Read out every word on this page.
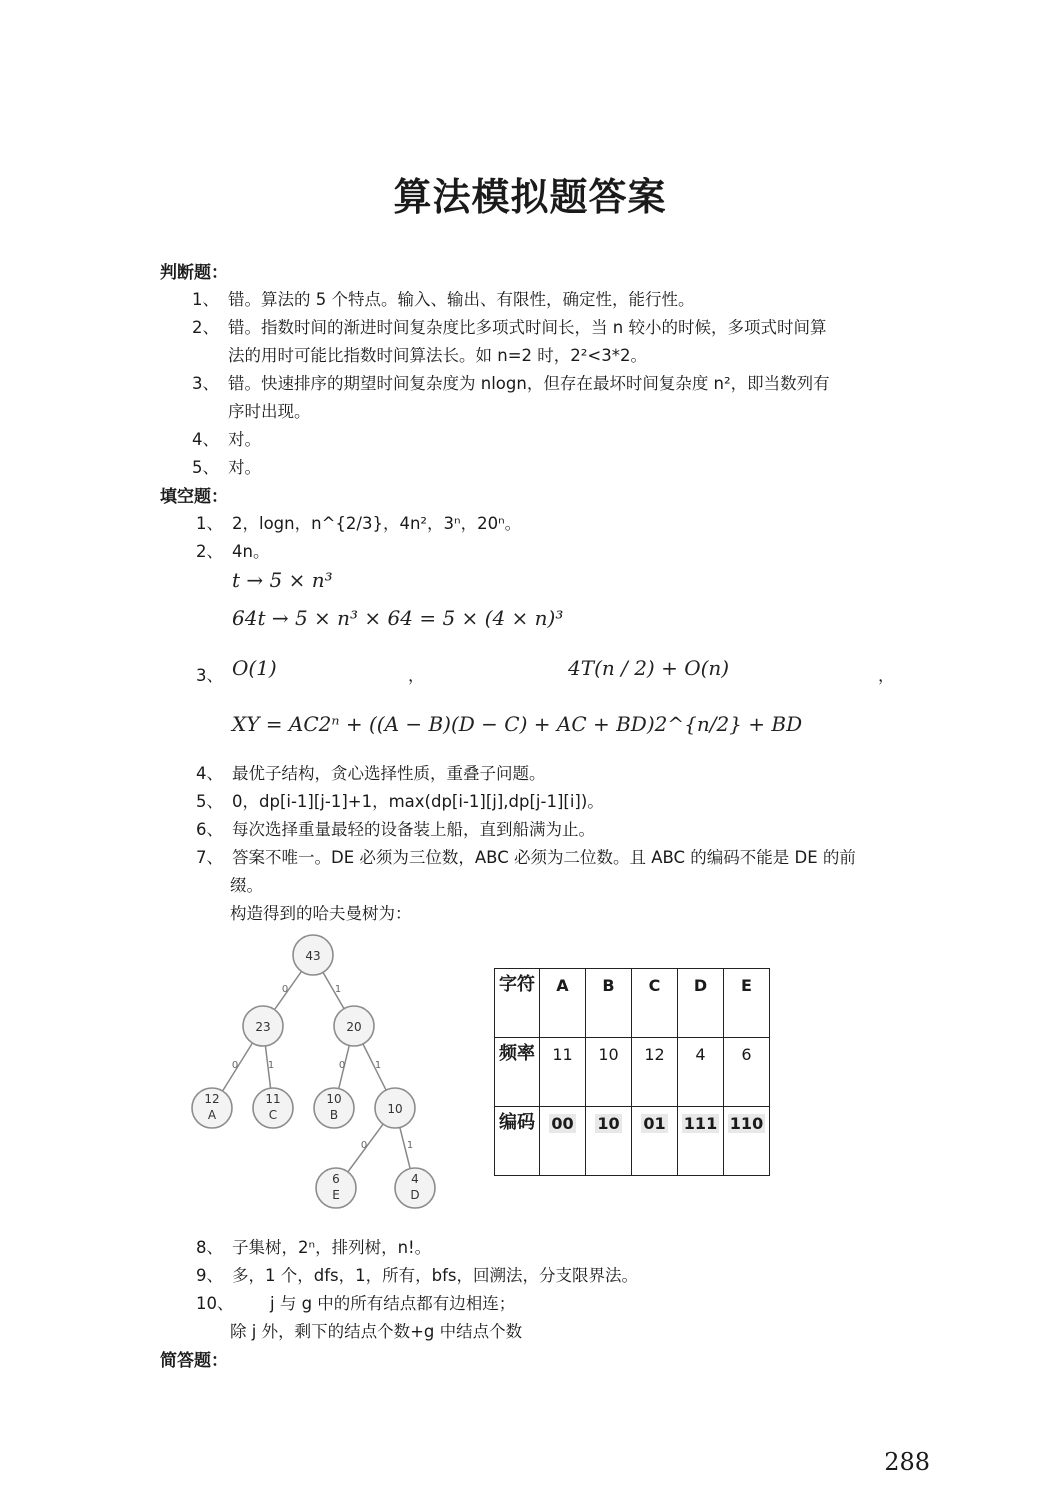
算法模拟题答案
判断题：
1、 错。算法的 5 个特点。输入、输出、有限性，确定性，能行性。
2、 错。指数时间的渐进时间复杂度比多项式时间长，当 n 较小的时候，多项式时间算
法的用时可能比指数时间算法长。如 n=2 时，2²<3*2。
3、 错。快速排序的期望时间复杂度为 nlogn，但存在最坏时间复杂度 n²，即当数列有
序时出现。
4、 对。
5、 对。
填空题：
1、 2，logn，n^{2/3}，4n²，3ⁿ，20ⁿ。
2、 4n。
t → 5 × n³
64t → 5 × n³ × 64 = 5 × (4 × n)³
3、 O(1)	，	4T(n / 2) + O(n)	，
XY = AC2ⁿ + ((A − B)(D − C) + AC + BD)2^{n/2} + BD
4、 最优子结构，贪心选择性质，重叠子问题。
5、 0，dp[i-1][j-1]+1，max(dp[i-1][j],dp[j-1][i])。
6、 每次选择重量最轻的设备装上船，直到船满为止。
7、 答案不唯一。DE 必须为三位数，ABC 必须为二位数。且 ABC 的编码不能是 DE 的前
缀。
构造得到的哈夫曼树为：
0	1
0	1	0	1
0	1
43
23	20
12
A
11
C
10
B	10
6
E
4
D
字符	A	B	C	D	E
频率	11	10	12	4	6
编码	00	10	01	111	110
8、 子集树，2ⁿ，排列树，n!。
9、 多，1 个，dfs，1，所有，bfs，回溯法，分支限界法。
10、 j 与 g 中的所有结点都有边相连；
除 j 外，剩下的结点个数+g 中结点个数
简答题：
288
